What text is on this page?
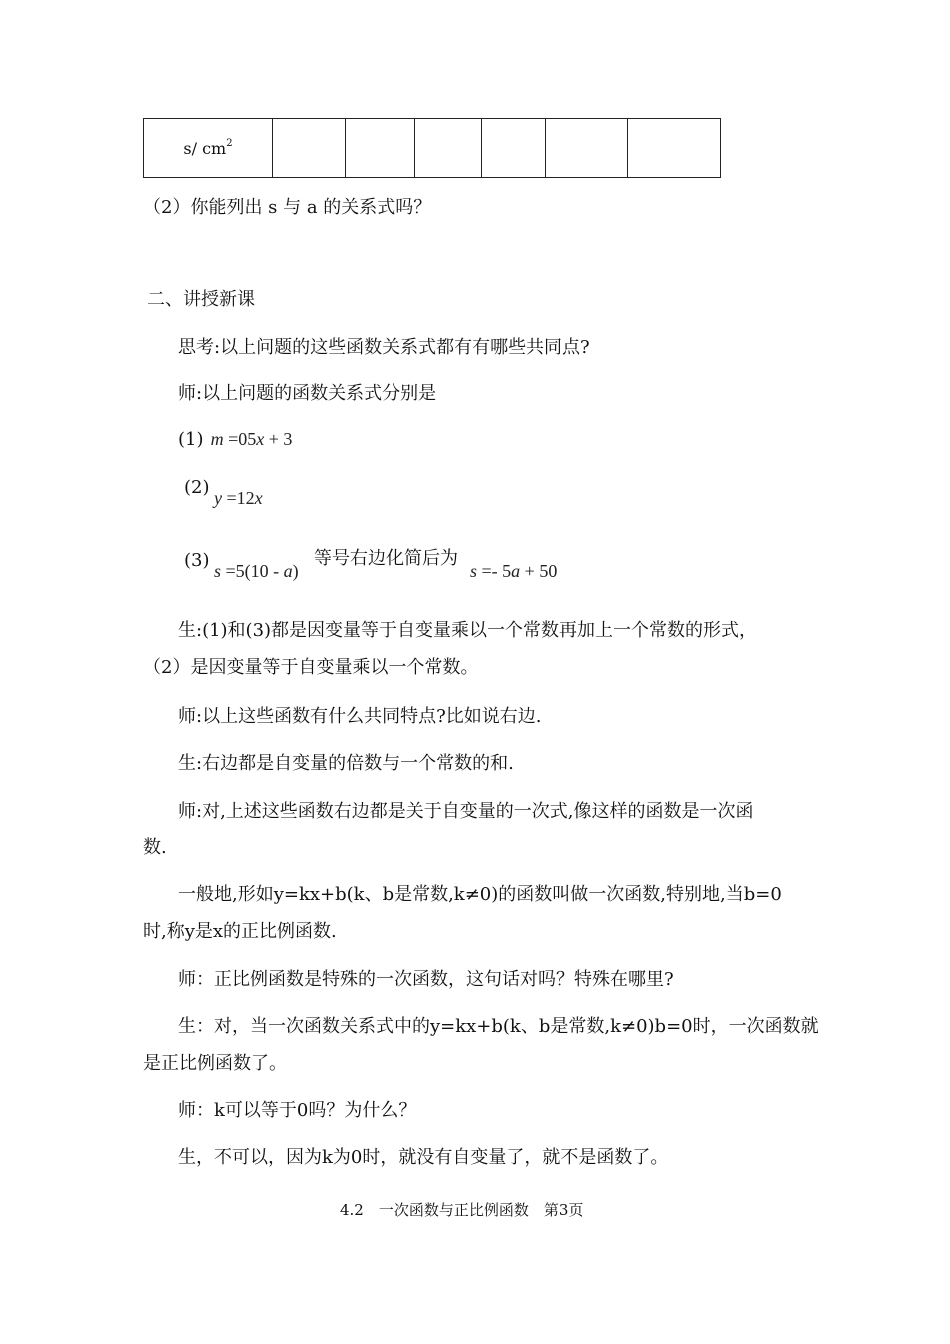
s/ $cm^2$						
（2）你能列出 s 与 a 的关系式吗？
二、讲授新课
思考:以上问题的这些函数关系式都有有哪些共同点?
师:以上问题的函数关系式分别是
(1) m =05x + 3
(2) y =12x
(3) s =5(10 - a)
等号右边化简后为
s =- 5a + 50
生:(1)和(3)都是因变量等于自变量乘以一个常数再加上一个常数的形式，
（2）是因变量等于自变量乘以一个常数。
师:以上这些函数有什么共同特点?比如说右边.
生:右边都是自变量的倍数与一个常数的和.
师:对,上述这些函数右边都是关于自变量的一次式,像这样的函数是一次函
数.
一般地,形如y=kx+b(k、b是常数,k≠0)的函数叫做一次函数,特别地,当b=0
时,称y是x的正比例函数.
师：正比例函数是特殊的一次函数，这句话对吗？特殊在哪里?
生：对，当一次函数关系式中的y=kx+b(k、b是常数,k≠0)b=0时，一次函数就
是正比例函数了。
师：k可以等于0吗？为什么？
生，不可以，因为k为0时，就没有自变量了，就不是函数了。
4.2　一次函数与正比例函数　第3页
